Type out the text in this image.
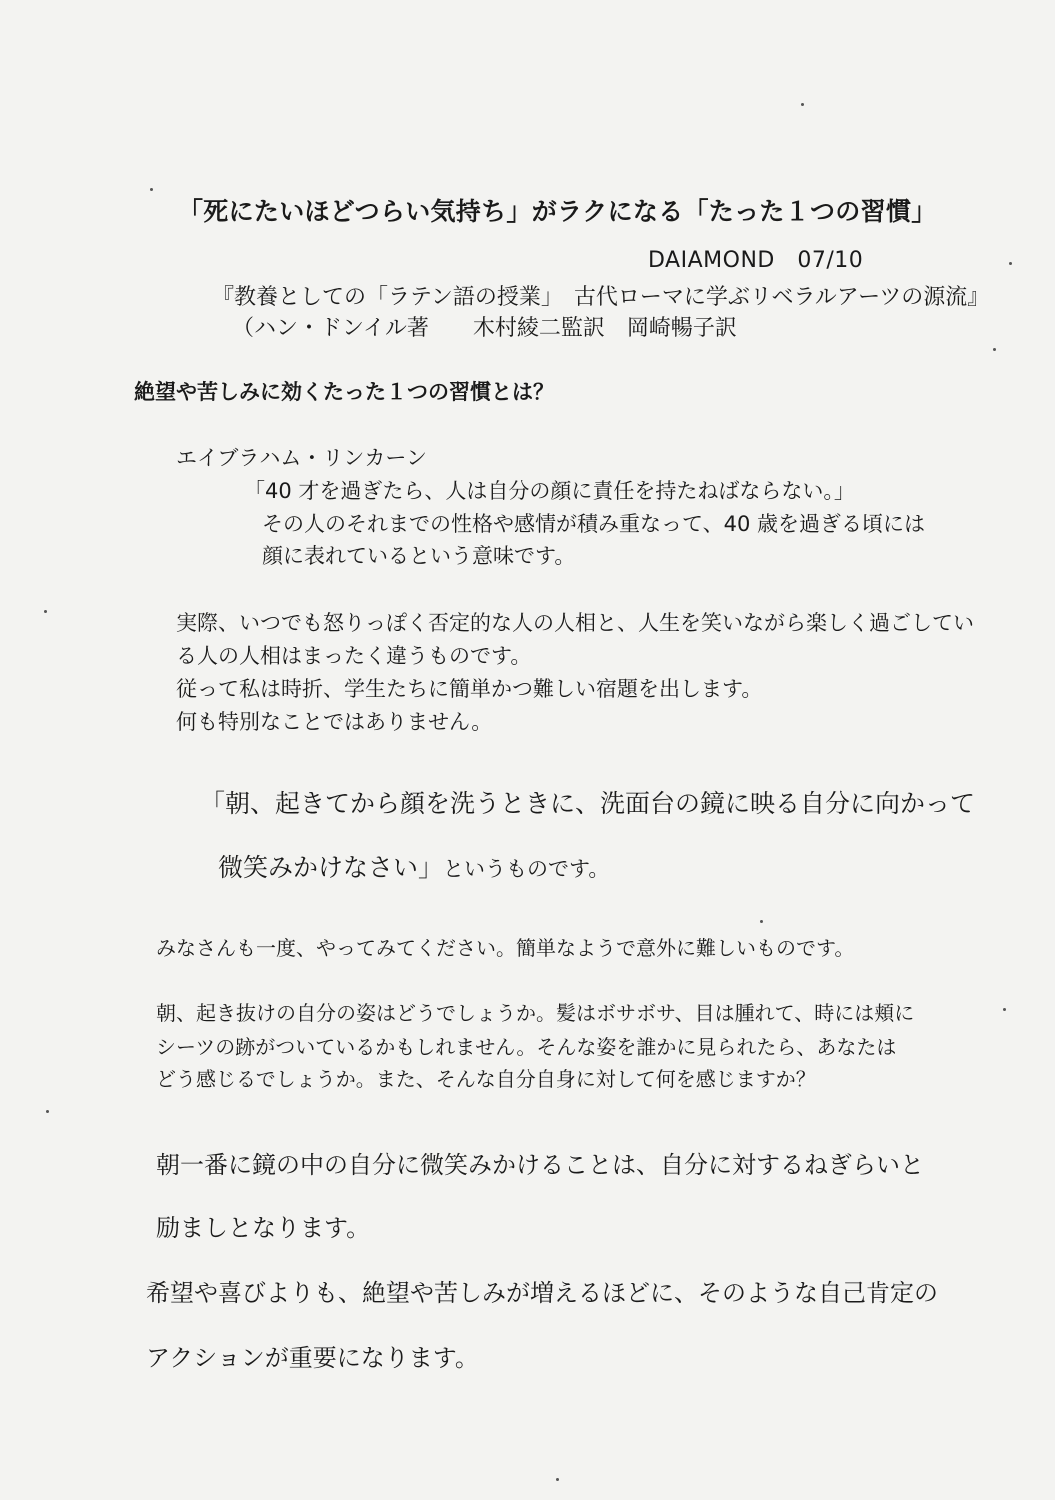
「死にたいほどつらい気持ち」がラクになる「たった１つの習慣」
DAIAMOND　07/10
『教養としての「ラテン語の授業」　古代ローマに学ぶリベラルアーツの源流』
（ハン・ドンイル著　　木村綾二監訳　岡崎暢子訳
絶望や苦しみに効くたった１つの習慣とは？
エイブラハム・リンカーン
「40 才を過ぎたら、人は自分の顔に責任を持たねばならない。」
その人のそれまでの性格や感情が積み重なって、40 歳を過ぎる頃には
顔に表れているという意味です。
実際、いつでも怒りっぽく否定的な人の人相と、人生を笑いながら楽しく過ごしてい
る人の人相はまったく違うものです。
従って私は時折、学生たちに簡単かつ難しい宿題を出します。
何も特別なことではありません。
「朝、起きてから顔を洗うときに、洗面台の鏡に映る自分に向かって
微笑みかけなさい」というものです。
みなさんも一度、やってみてください。簡単なようで意外に難しいものです。
朝、起き抜けの自分の姿はどうでしょうか。髪はボサボサ、目は腫れて、時には頬に
シーツの跡がついているかもしれません。そんな姿を誰かに見られたら、あなたは
どう感じるでしょうか。また、そんな自分自身に対して何を感じますか？
朝一番に鏡の中の自分に微笑みかけることは、自分に対するねぎらいと
励ましとなります。
希望や喜びよりも、絶望や苦しみが増えるほどに、そのような自己肯定の
アクションが重要になります。
